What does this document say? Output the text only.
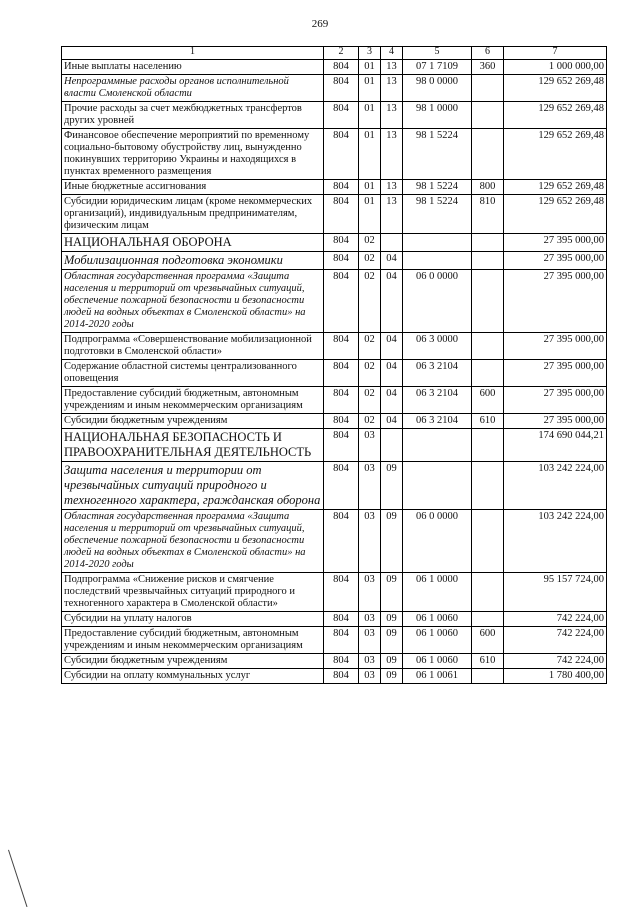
269
1	2	3	4	5	6	7
Иные выплаты населению	804	01	13	07 1 7109	360	1 000 000,00
Непрограммные расходы органов исполнительной власти Смоленской области	804	01	13	98 0 0000		129 652 269,48
Прочие расходы за счет межбюджетных трансфертов других уровней	804	01	13	98 1 0000		129 652 269,48
Финансовое обеспечение мероприятий по временному социально-бытовому обустройству лиц, вынужденно покинувших территорию Украины и находящихся в пунктах временного размещения	804	01	13	98 1 5224		129 652 269,48
Иные бюджетные ассигнования	804	01	13	98 1 5224	800	129 652 269,48
Субсидии юридическим лицам (кроме некоммерческих организаций), индивидуальным предпринимателям, физическим лицам	804	01	13	98 1 5224	810	129 652 269,48
НАЦИОНАЛЬНАЯ ОБОРОНА	804	02				27 395 000,00
Мобилизационная подготовка экономики	804	02	04			27 395 000,00
Областная государственная программа «Защита населения и территорий от чрезвычайных ситуаций, обеспечение пожарной безопасности и безопасности людей на водных объектах в Смоленской области» на 2014-2020 годы	804	02	04	06 0 0000		27 395 000,00
Подпрограмма «Совершенствование мобилизационной подготовки в Смоленской области»	804	02	04	06 3 0000		27 395 000,00
Содержание областной системы централизованного оповещения	804	02	04	06 3 2104		27 395 000,00
Предоставление субсидий бюджетным, автономным учреждениям и иным некоммерческим организациям	804	02	04	06 3 2104	600	27 395 000,00
Субсидии бюджетным учреждениям	804	02	04	06 3 2104	610	27 395 000,00
НАЦИОНАЛЬНАЯ БЕЗОПАСНОСТЬ И ПРАВООХРАНИТЕЛЬНАЯ ДЕЯТЕЛЬНОСТЬ	804	03				174 690 044,21
Защита населения и территории от чрезвычайных ситуаций природного и техногенного характера, гражданская оборона	804	03	09			103 242 224,00
Областная государственная программа «Защита населения и территорий от чрезвычайных ситуаций, обеспечение пожарной безопасности и безопасности людей на водных объектах в Смоленской области» на 2014-2020 годы	804	03	09	06 0 0000		103 242 224,00
Подпрограмма «Снижение рисков и смягчение последствий чрезвычайных ситуаций природного и техногенного характера в Смоленской области»	804	03	09	06 1 0000		95 157 724,00
Субсидии на уплату налогов	804	03	09	06 1 0060		742 224,00
Предоставление субсидий бюджетным, автономным учреждениям и иным некоммерческим организациям	804	03	09	06 1 0060	600	742 224,00
Субсидии бюджетным учреждениям	804	03	09	06 1 0060	610	742 224,00
Субсидии на оплату коммунальных услуг	804	03	09	06 1 0061		1 780 400,00
